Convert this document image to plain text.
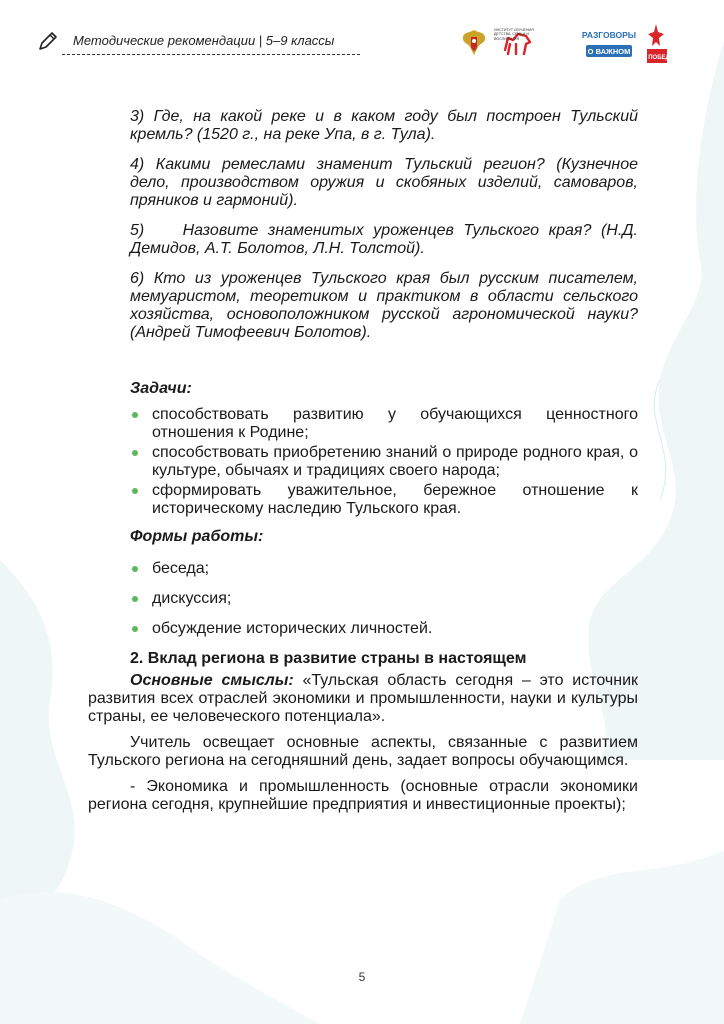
Методические рекомендации | 5–9 классы
ИНСТИТУТ ИЗУЧЕНИЯ ДЕТСТВА, СЕМЬИ И ВОСПИТАНИЯ	РАЗГОВОРЫ
О ВАЖНОМ
80 ПОБЕДА

3) Где, на какой реке и в каком году был построен Тульский кремль? (1520 г., на реке Упа, в г. Тула).

4) Какими ремеслами знаменит Тульский регион? (Кузнечное дело, производством оружия и скобяных изделий, самоваров, пряников и гармоний).

5)    Назовите знаменитых уроженцев Тульского края? (Н.Д. Демидов, А.Т. Болотов, Л.Н. Толстой).

6) Кто из уроженцев Тульского края был русским писателем, мемуаристом, теоретиком и практиком в области сельского хозяйства, основоположником русской агрономической науки? (Андрей Тимофеевич Болотов).

Задачи:
способствовать развитию у обучающихся ценностного отношения к Родине;
способствовать приобретению знаний о природе родного края, о культуре, обычаях и традициях своего народа;
сформировать уважительное, бережное отношение к историческому наследию Тульского края.
Формы работы:
беседа;
дискуссия;
обсуждение исторических личностей.
2. Вклад региона в развитие страны в настоящем

Основные смыслы: «Тульская область сегодня – это источник развития всех отраслей экономики и промышленности, науки и культуры страны, ее человеческого потенциала».

Учитель освещает основные аспекты, связанные с развитием Тульского региона на сегодняшний день, задает вопросы обучающимся.

- Экономика и промышленность (основные отрасли экономики региона сегодня, крупнейшие предприятия и инвестиционные проекты);

5
